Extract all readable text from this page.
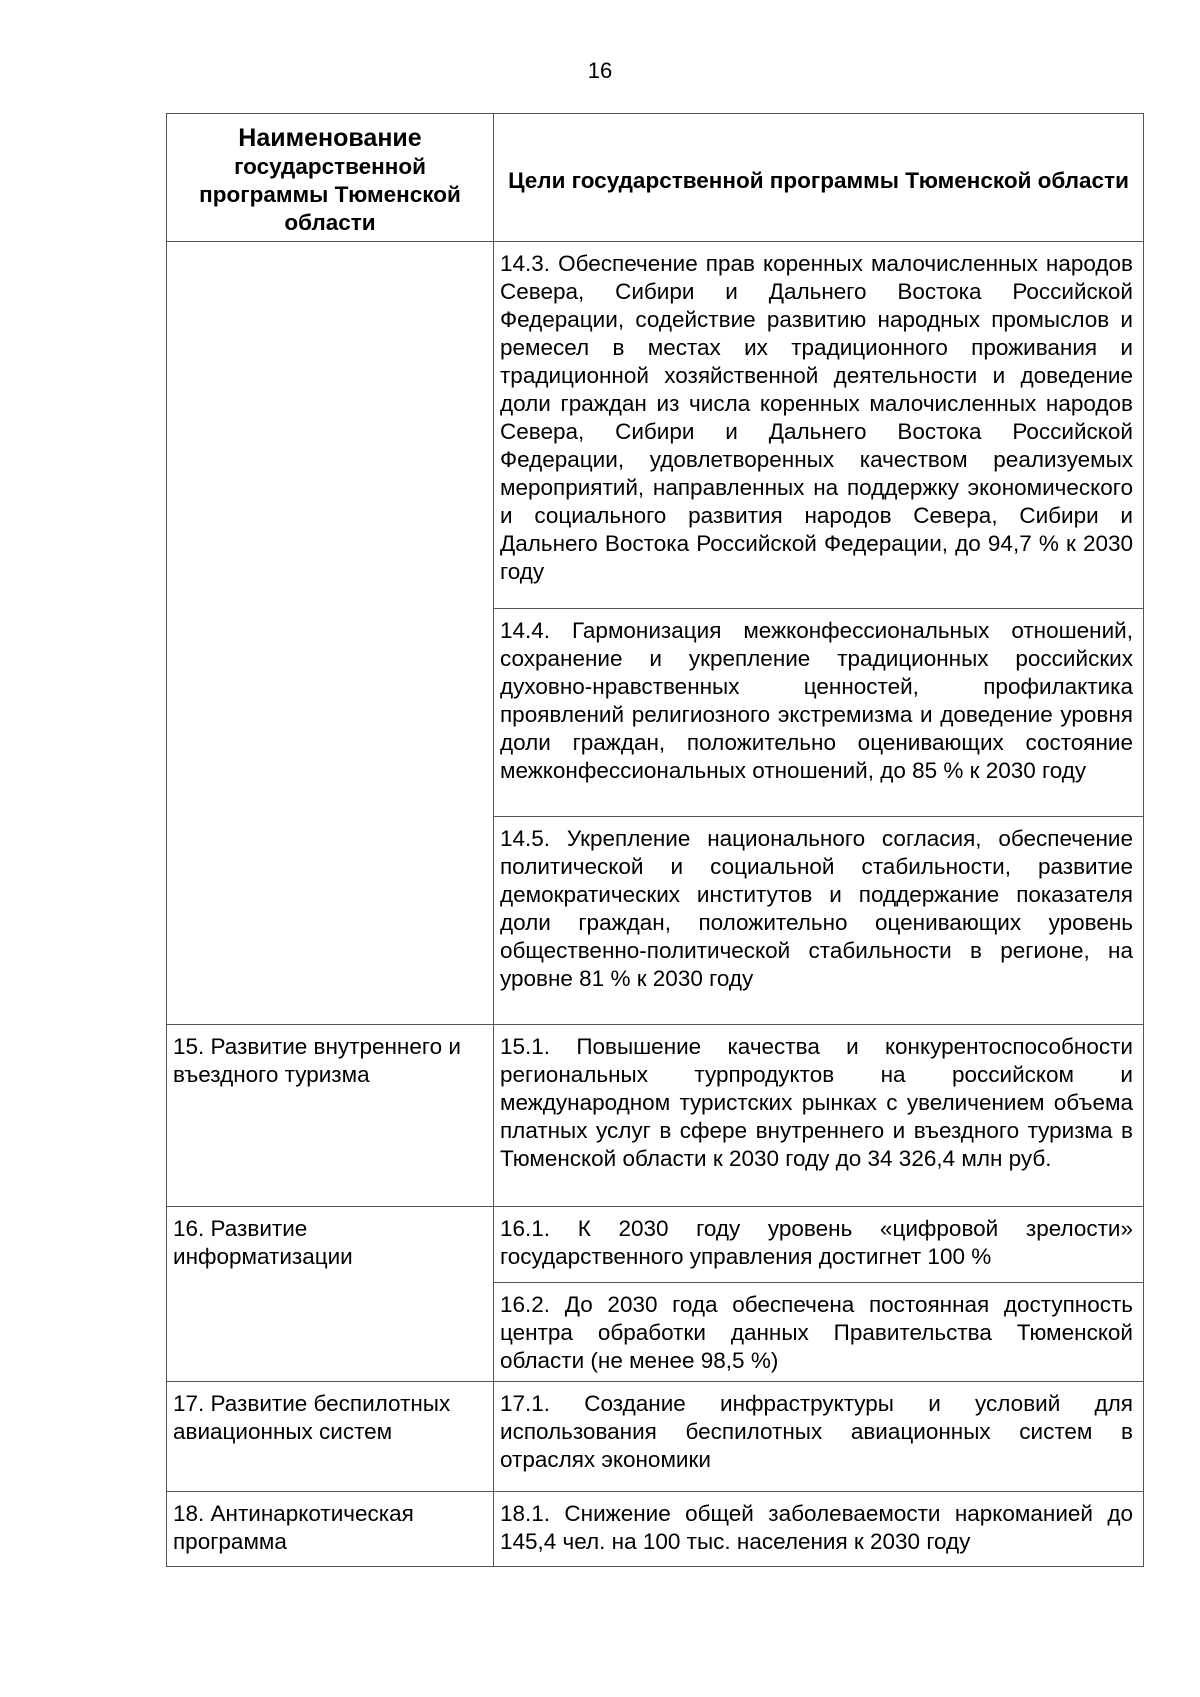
16
Наименование
государственной программы Тюменской области	Цели государственной программы Тюменской области
	14.3. Обеспечение прав коренных малочисленных народов Севера, Сибири и Дальнего Востока Российской Федерации, содействие развитию народных промыслов и ремесел в местах их традиционного проживания и традиционной хозяйственной деятельности и доведение доли граждан из числа коренных малочисленных народов Севера, Сибири и Дальнего Востока Российской Федерации, удовлетворенных качеством реализуемых мероприятий, направленных на поддержку экономического и социального развития народов Севера, Сибири и Дальнего Востока Российской Федерации, до 94,7 % к 2030 году
	14.4. Гармонизация межконфессиональных отношений, сохранение и укрепление традиционных российских духовно-нравственных ценностей, профилактика проявлений религиозного экстремизма и доведение уровня доли граждан, положительно оценивающих состояние межконфессиональных отношений, до 85 % к 2030 году
	14.5. Укрепление национального согласия, обеспечение политической и социальной стабильности, развитие демократических институтов и поддержание показателя доли граждан, положительно оценивающих уровень общественно-политической стабильности в регионе, на уровне 81 % к 2030 году
15. Развитие внутреннего и въездного туризма	15.1. Повышение качества и конкурентоспособности региональных турпродуктов на российском и международном туристских рынках с увеличением объема платных услуг в сфере внутреннего и въездного туризма в Тюменской области к 2030 году до 34 326,4 млн руб.
16. Развитие информатизации	16.1. К 2030 году уровень «цифровой зрелости» государственного управления достигнет 100 %
	16.2. До 2030 года обеспечена постоянная доступность центра обработки данных Правительства Тюменской области (не менее 98,5 %)
17. Развитие беспилотных авиационных систем	17.1. Создание инфраструктуры и условий для использования беспилотных авиационных систем в отраслях экономики
18. Антинаркотическая программа	18.1. Снижение общей заболеваемости наркоманией до 145,4 чел. на 100 тыс. населения к 2030 году
